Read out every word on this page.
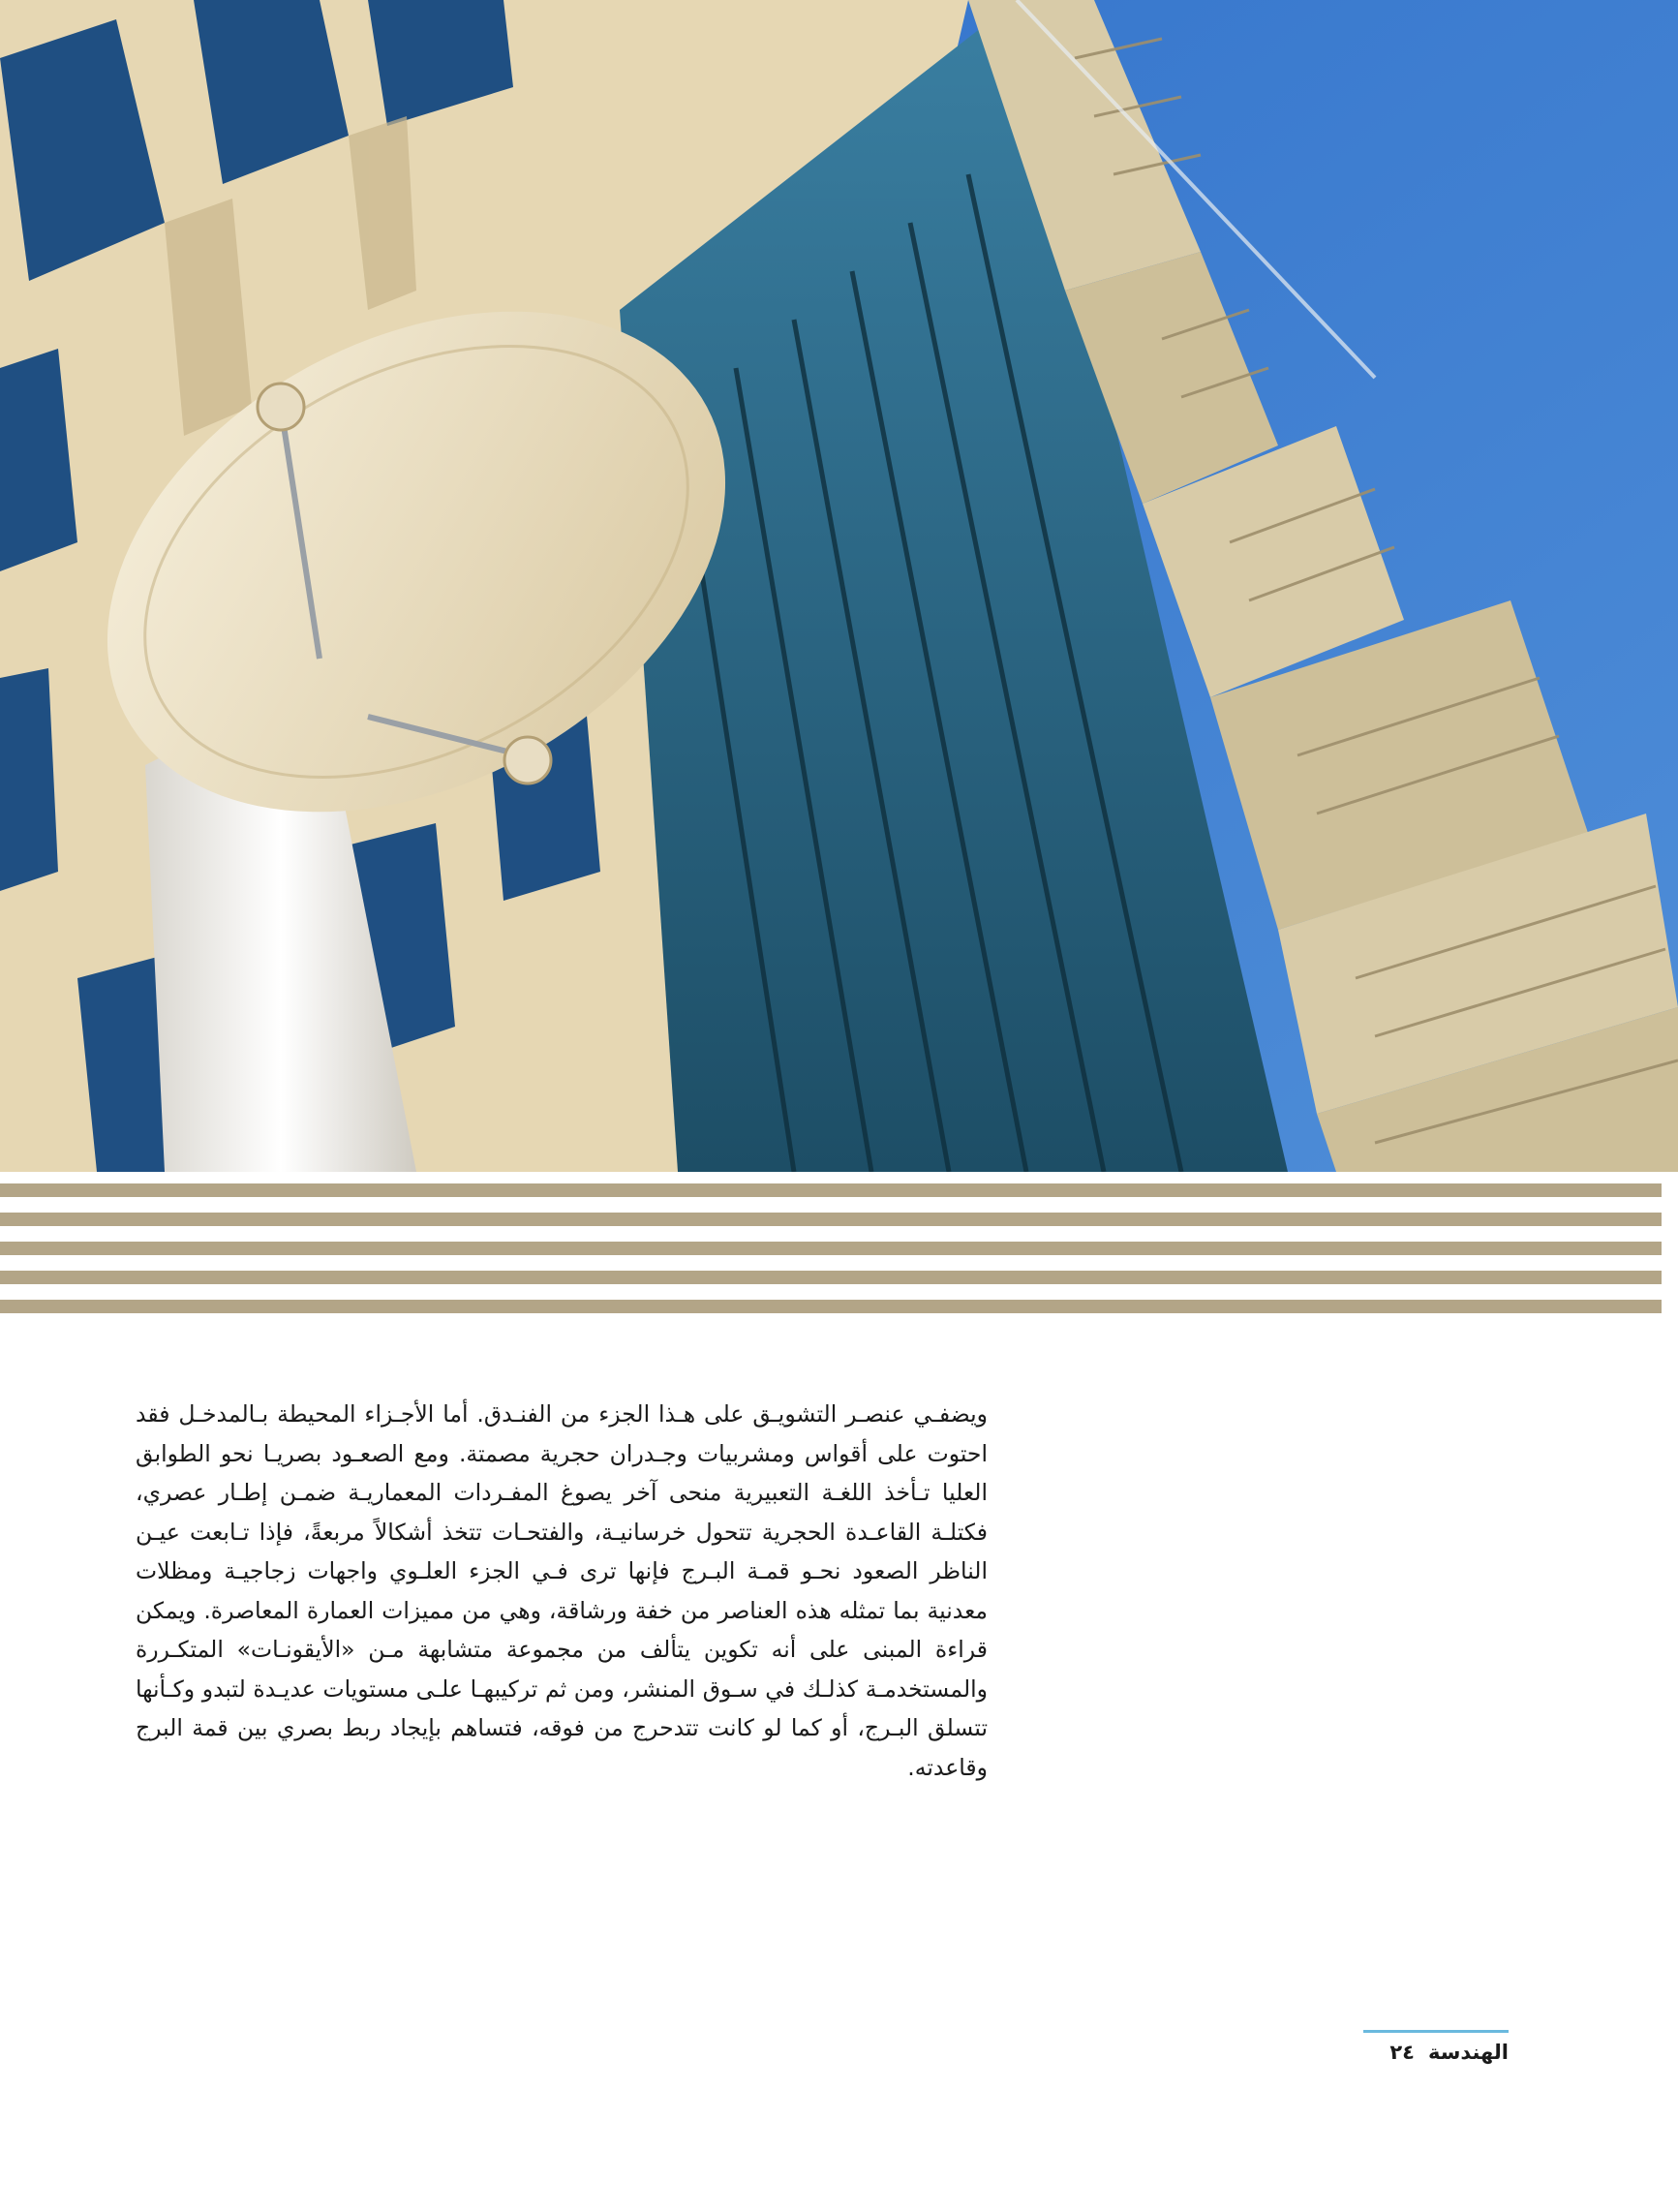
ويضفـي عنصـر التشويـق على هـذا الجزء من الفنـدق. أما الأجـزاء المحيطة بـالمدخـل فقد احتوت على أقواس ومشربيات وجـدران حجرية مصمتة. ومع الصعـود بصريـا نحو الطوابق العليا تـأخذ اللغـة التعبيرية منحى آخر يصوغ المفـردات المعماريـة ضمـن إطـار عصري، فكتلـة القاعـدة الحجرية تتحول خرسانيـة، والفتحـات تتخذ أشكالاً مربعةً، فإذا تـابعت عيـن الناظر الصعود نحـو قمـة البـرج فإنها ترى فـي الجزء العلـوي واجهات زجاجيـة ومظلات معدنية بما تمثله هذه العناصر من خفة ورشاقة، وهي من مميزات العمارة المعاصرة. ويمكن قراءة المبنى على أنه تكوين يتألف من مجموعة متشابهة مـن «الأيقونـات» المتكـررة والمستخدمـة كذلـك في سـوق المنشر، ومن ثم تركيبهـا علـى مستويات عديـدة لتبدو وكـأنها تتسلق البـرج، أو كما لو كانت تتدحرج من فوقه، فتساهم بإيجاد ربط بصري بين قمة البرج وقاعدته.

الهندسة٢٤
